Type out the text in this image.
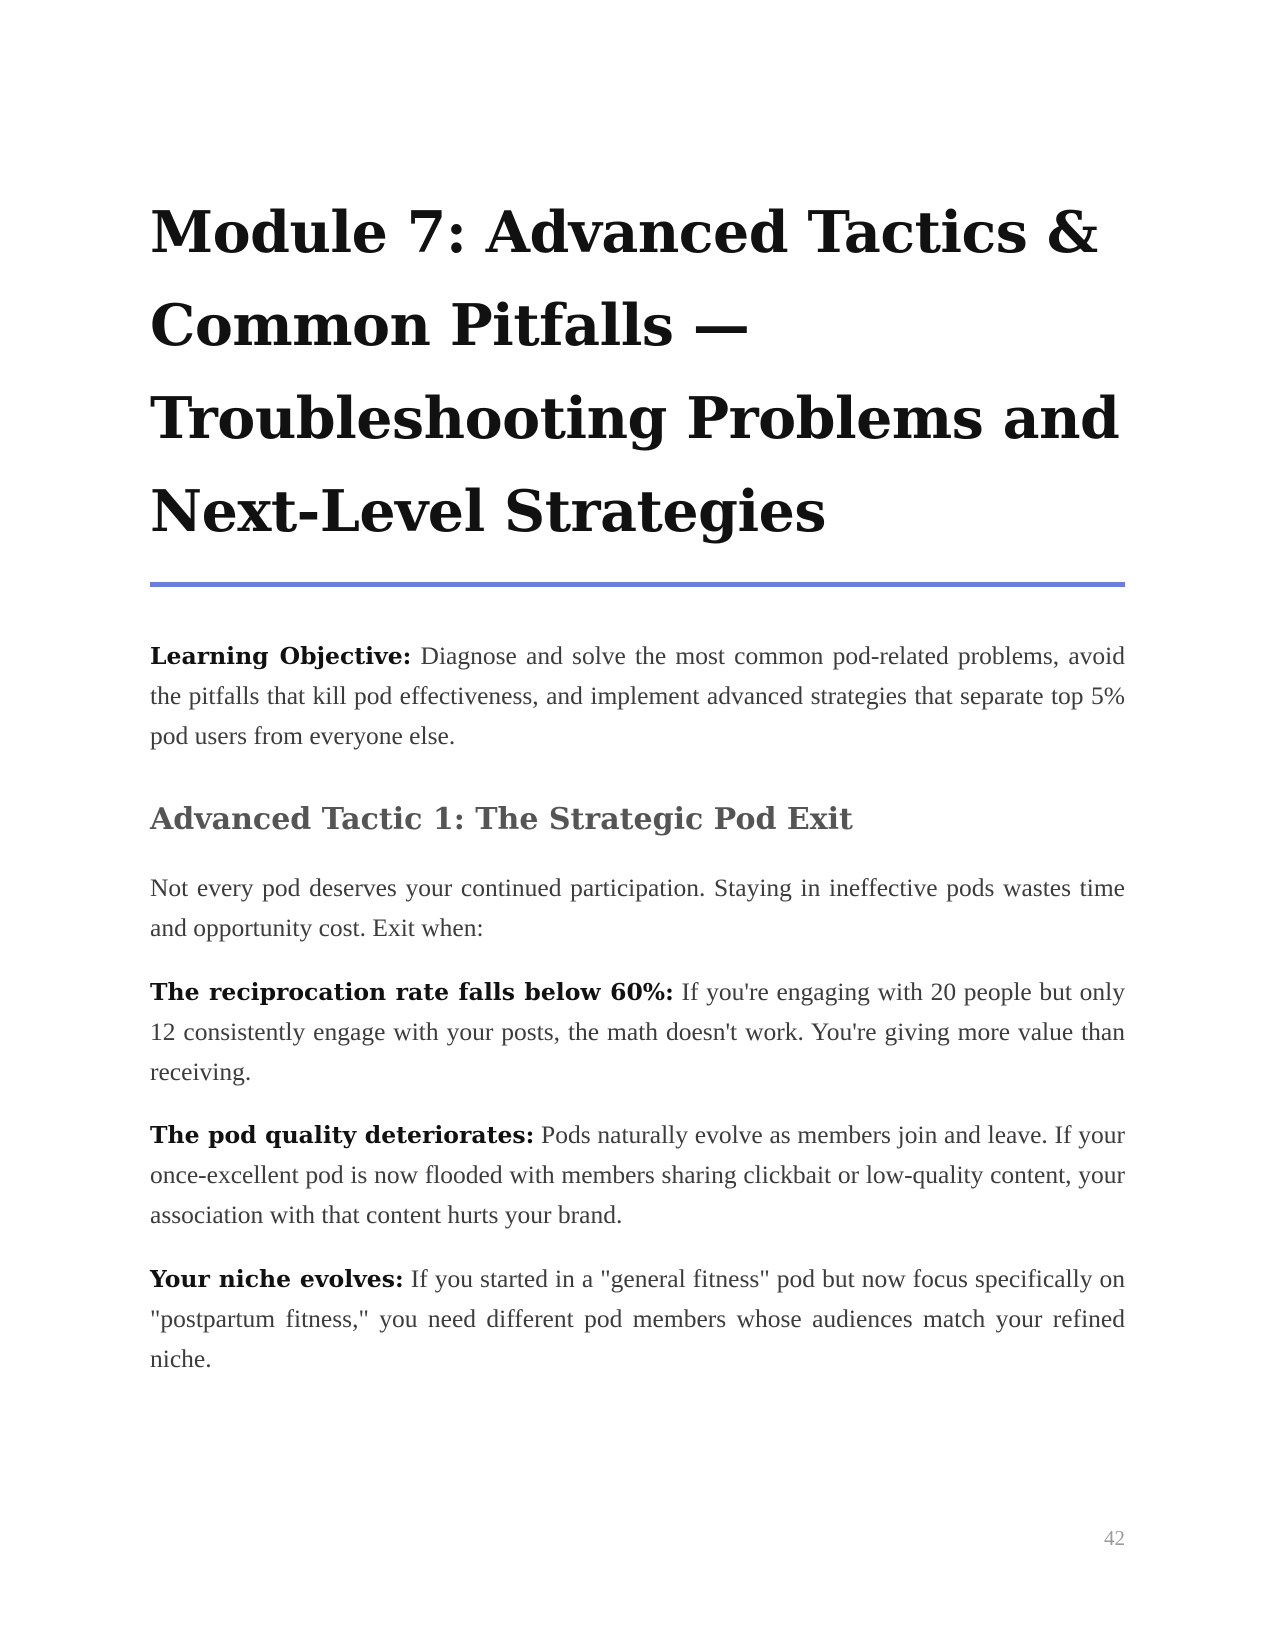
Module 7: Advanced Tactics & Common Pitfalls — Troubleshooting Problems and Next-Level Strategies

Learning Objective: Diagnose and solve the most common pod-related problems, avoid the pitfalls that kill pod effectiveness, and implement advanced strategies that separate top 5% pod users from everyone else.

Advanced Tactic 1: The Strategic Pod Exit

Not every pod deserves your continued participation. Staying in ineffective pods wastes time and opportunity cost. Exit when:

The reciprocation rate falls below 60%: If you're engaging with 20 people but only 12 consistently engage with your posts, the math doesn't work. You're giving more value than receiving.

The pod quality deteriorates: Pods naturally evolve as members join and leave. If your once-excellent pod is now flooded with members sharing clickbait or low-quality content, your association with that content hurts your brand.

Your niche evolves: If you started in a "general fitness" pod but now focus specifically on "postpartum fitness," you need different pod members whose audiences match your refined niche.

42
